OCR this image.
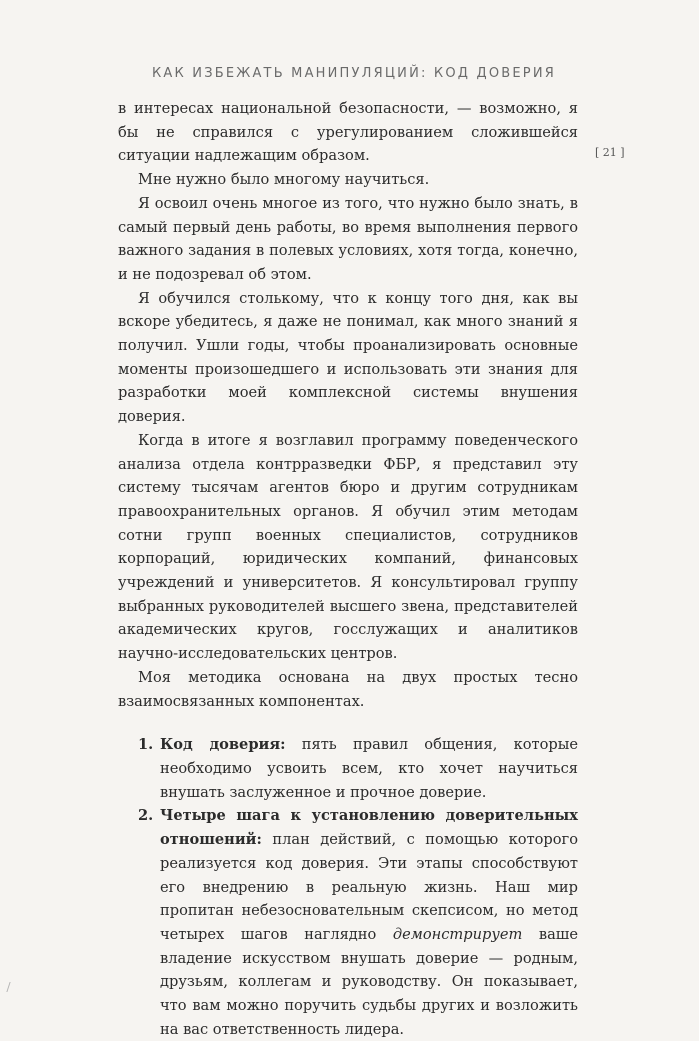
КАК ИЗБЕЖАТЬ МАНИПУЛЯЦИЙ: КОД ДОВЕРИЯ
[ 21 ]

в интересах национальной безопасности, — возможно, я бы не справился с урегулированием сложившейся ситуации надлежащим образом.

Мне нужно было многому научиться.

Я освоил очень многое из того, что нужно было знать, в самый первый день работы, во время выполнения первого важного задания в полевых условиях, хотя тогда, конечно, и не подозревал об этом.

Я обучился столькому, что к концу того дня, как вы вскоре убедитесь, я даже не понимал, как много знаний я получил. Ушли годы, чтобы проанализировать основные моменты произошедшего и использовать эти знания для разработки моей комплексной системы внушения доверия.

Когда в итоге я возглавил программу поведенческого анализа отдела контрразведки ФБР, я представил эту систему тысячам агентов бюро и другим сотрудникам правоохранительных органов. Я обучил этим методам сотни групп военных специалистов, сотрудников корпораций, юридических компаний, финансовых учреждений и университетов. Я консультировал группу выбранных руководителей высшего звена, представителей академических кругов, госслужащих и аналитиков научно-исследовательских центров.

Моя методика основана на двух простых тесно взаимосвязанных компонентах.

1. Код доверия: пять правил общения, которые необходимо усвоить всем, кто хочет научиться внушать заслуженное и прочное доверие.
2. Четыре шага к установлению доверительных отношений: план действий, с помощью которого реализуется код доверия. Эти этапы способствуют его внедрению в реальную жизнь. Наш мир пропитан небезосновательным скепсисом, но метод четырех шагов наглядно демонстрирует ваше владение искусством внушать доверие — родным, друзьям, коллегам и руководству. Он показывает, что вам можно поручить судьбы других и возложить на вас ответственность лидера.
